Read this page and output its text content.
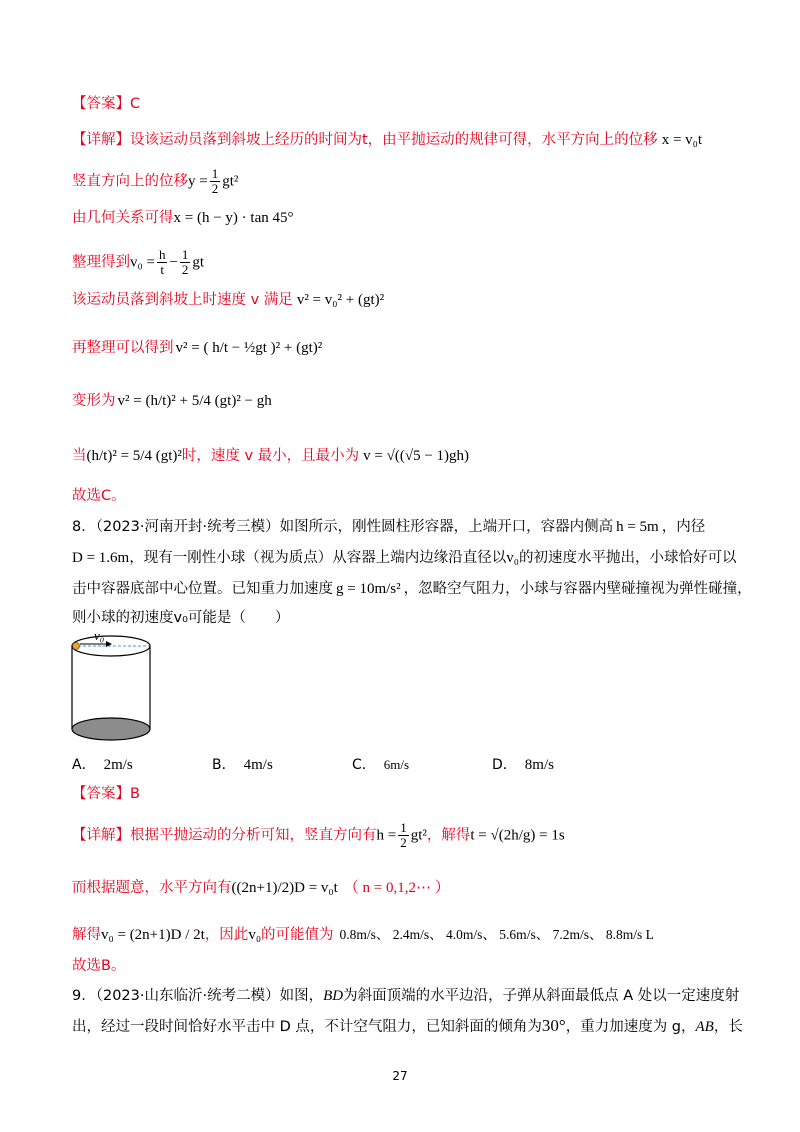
【答案】C
【详解】设该运动员落到斜坡上经历的时间为t，由平抛运动的规律可得，水平方向上的位移 x = v₀t
竖直方向上的位移$y = \frac{1}{2} gt^2$
由几何关系可得x = (h − y) · tan 45°
整理得到$v_0 = \frac{h}{t} - \frac{1}{2}$ gt
该运动员落到斜坡上时速度 v 满足 v² = v₀² + (gt)²
再整理可以得到 v² = ( h/t − ½gt )² + (gt)²
变形为 v² = (h/t)² + 5/4 (gt)² − gh
当(h/t)² = 5/4 (gt)²时，速度 v 最小，且最小为 v = √((√5 − 1)gh)
故选C。
8．（2023·河南开封·统考三模）如图所示，刚性圆柱形容器，上端开口，容器内侧高 h = 5m ，内径
D = 1.6m，现有一刚性小球（视为质点）从容器上端内边缘沿直径以v₀的初速度水平抛出，小球恰好可以
击中容器底部中心位置。已知重力加速度 g = 10m/s² ，忽略空气阻力，小球与容器内壁碰撞视为弹性碰撞，
则小球的初速度v₀可能是（　　）
v₀
A． 2m/s	B． 4m/s	C． 6m/s	D． 8m/s
【答案】B
【详解】根据平抛运动的分析可知，竖直方向有$h = \frac{1}{2} gt^2$，解得t = √(2h/g) = 1s
而根据题意，水平方向有((2n+1)/2)D = v₀t （ n = 0,1,2⋯ ）
解得v₀ = (2n+1)D / 2t，因此v₀的可能值为 0.8m/s、 2.4m/s、 4.0m/s、 5.6m/s、 7.2m/s、 8.8m/s L
故选B。
9．（2023·山东临沂·统考二模）如图，BD为斜面顶端的水平边沿，子弹从斜面最低点 A 处以一定速度射
出，经过一段时间恰好水平击中 D 点，不计空气阻力，已知斜面的倾角为30°，重力加速度为 g，AB，长
27
